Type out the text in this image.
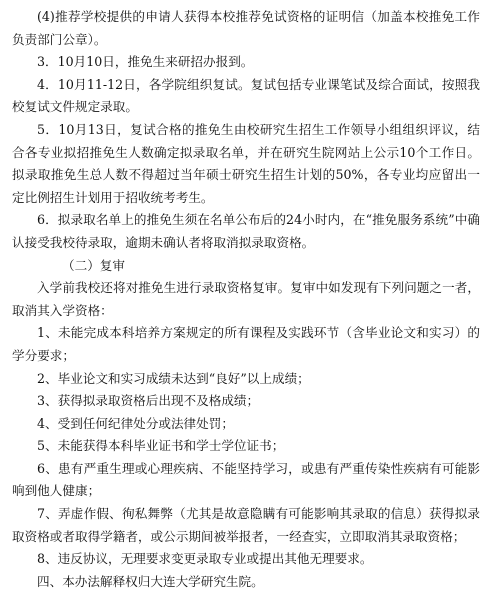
(4)推荐学校提供的申请人获得本校推荐免试资格的证明信（加盖本校推免工作负责部门公章）。

3．10月10日，推免生来研招办报到。

4．10月11-12日，各学院组织复试。复试包括专业课笔试及综合面试，按照我校复试文件规定录取。

5．10月13日，复试合格的推免生由校研究生招生工作领导小组组织评议，结合各专业拟招推免生人数确定拟录取名单，并在研究生院网站上公示10个工作日。拟录取推免生总人数不得超过当年硕士研究生招生计划的50%，各专业均应留出一定比例招生计划用于招收统考考生。

6．拟录取名单上的推免生须在名单公布后的24小时内，在“推免服务系统”中确认接受我校待录取，逾期未确认者将取消拟录取资格。

（二）复审

入学前我校还将对推免生进行录取资格复审。复审中如发现有下列问题之一者，取消其入学资格：

1、未能完成本科培养方案规定的所有课程及实践环节（含毕业论文和实习）的学分要求；

2、毕业论文和实习成绩未达到“良好”以上成绩；

3、获得拟录取资格后出现不及格成绩；

4、受到任何纪律处分或法律处罚；

5、未能获得本科毕业证书和学士学位证书；

6、患有严重生理或心理疾病、不能坚持学习，或患有严重传染性疾病有可能影响到他人健康；

7、弄虚作假、徇私舞弊（尤其是故意隐瞒有可能影响其录取的信息）获得拟录取资格或者取得学籍者，或公示期间被举报者，一经查实，立即取消其录取资格；

8、违反协议，无理要求变更录取专业或提出其他无理要求。

四、本办法解释权归大连大学研究生院。
